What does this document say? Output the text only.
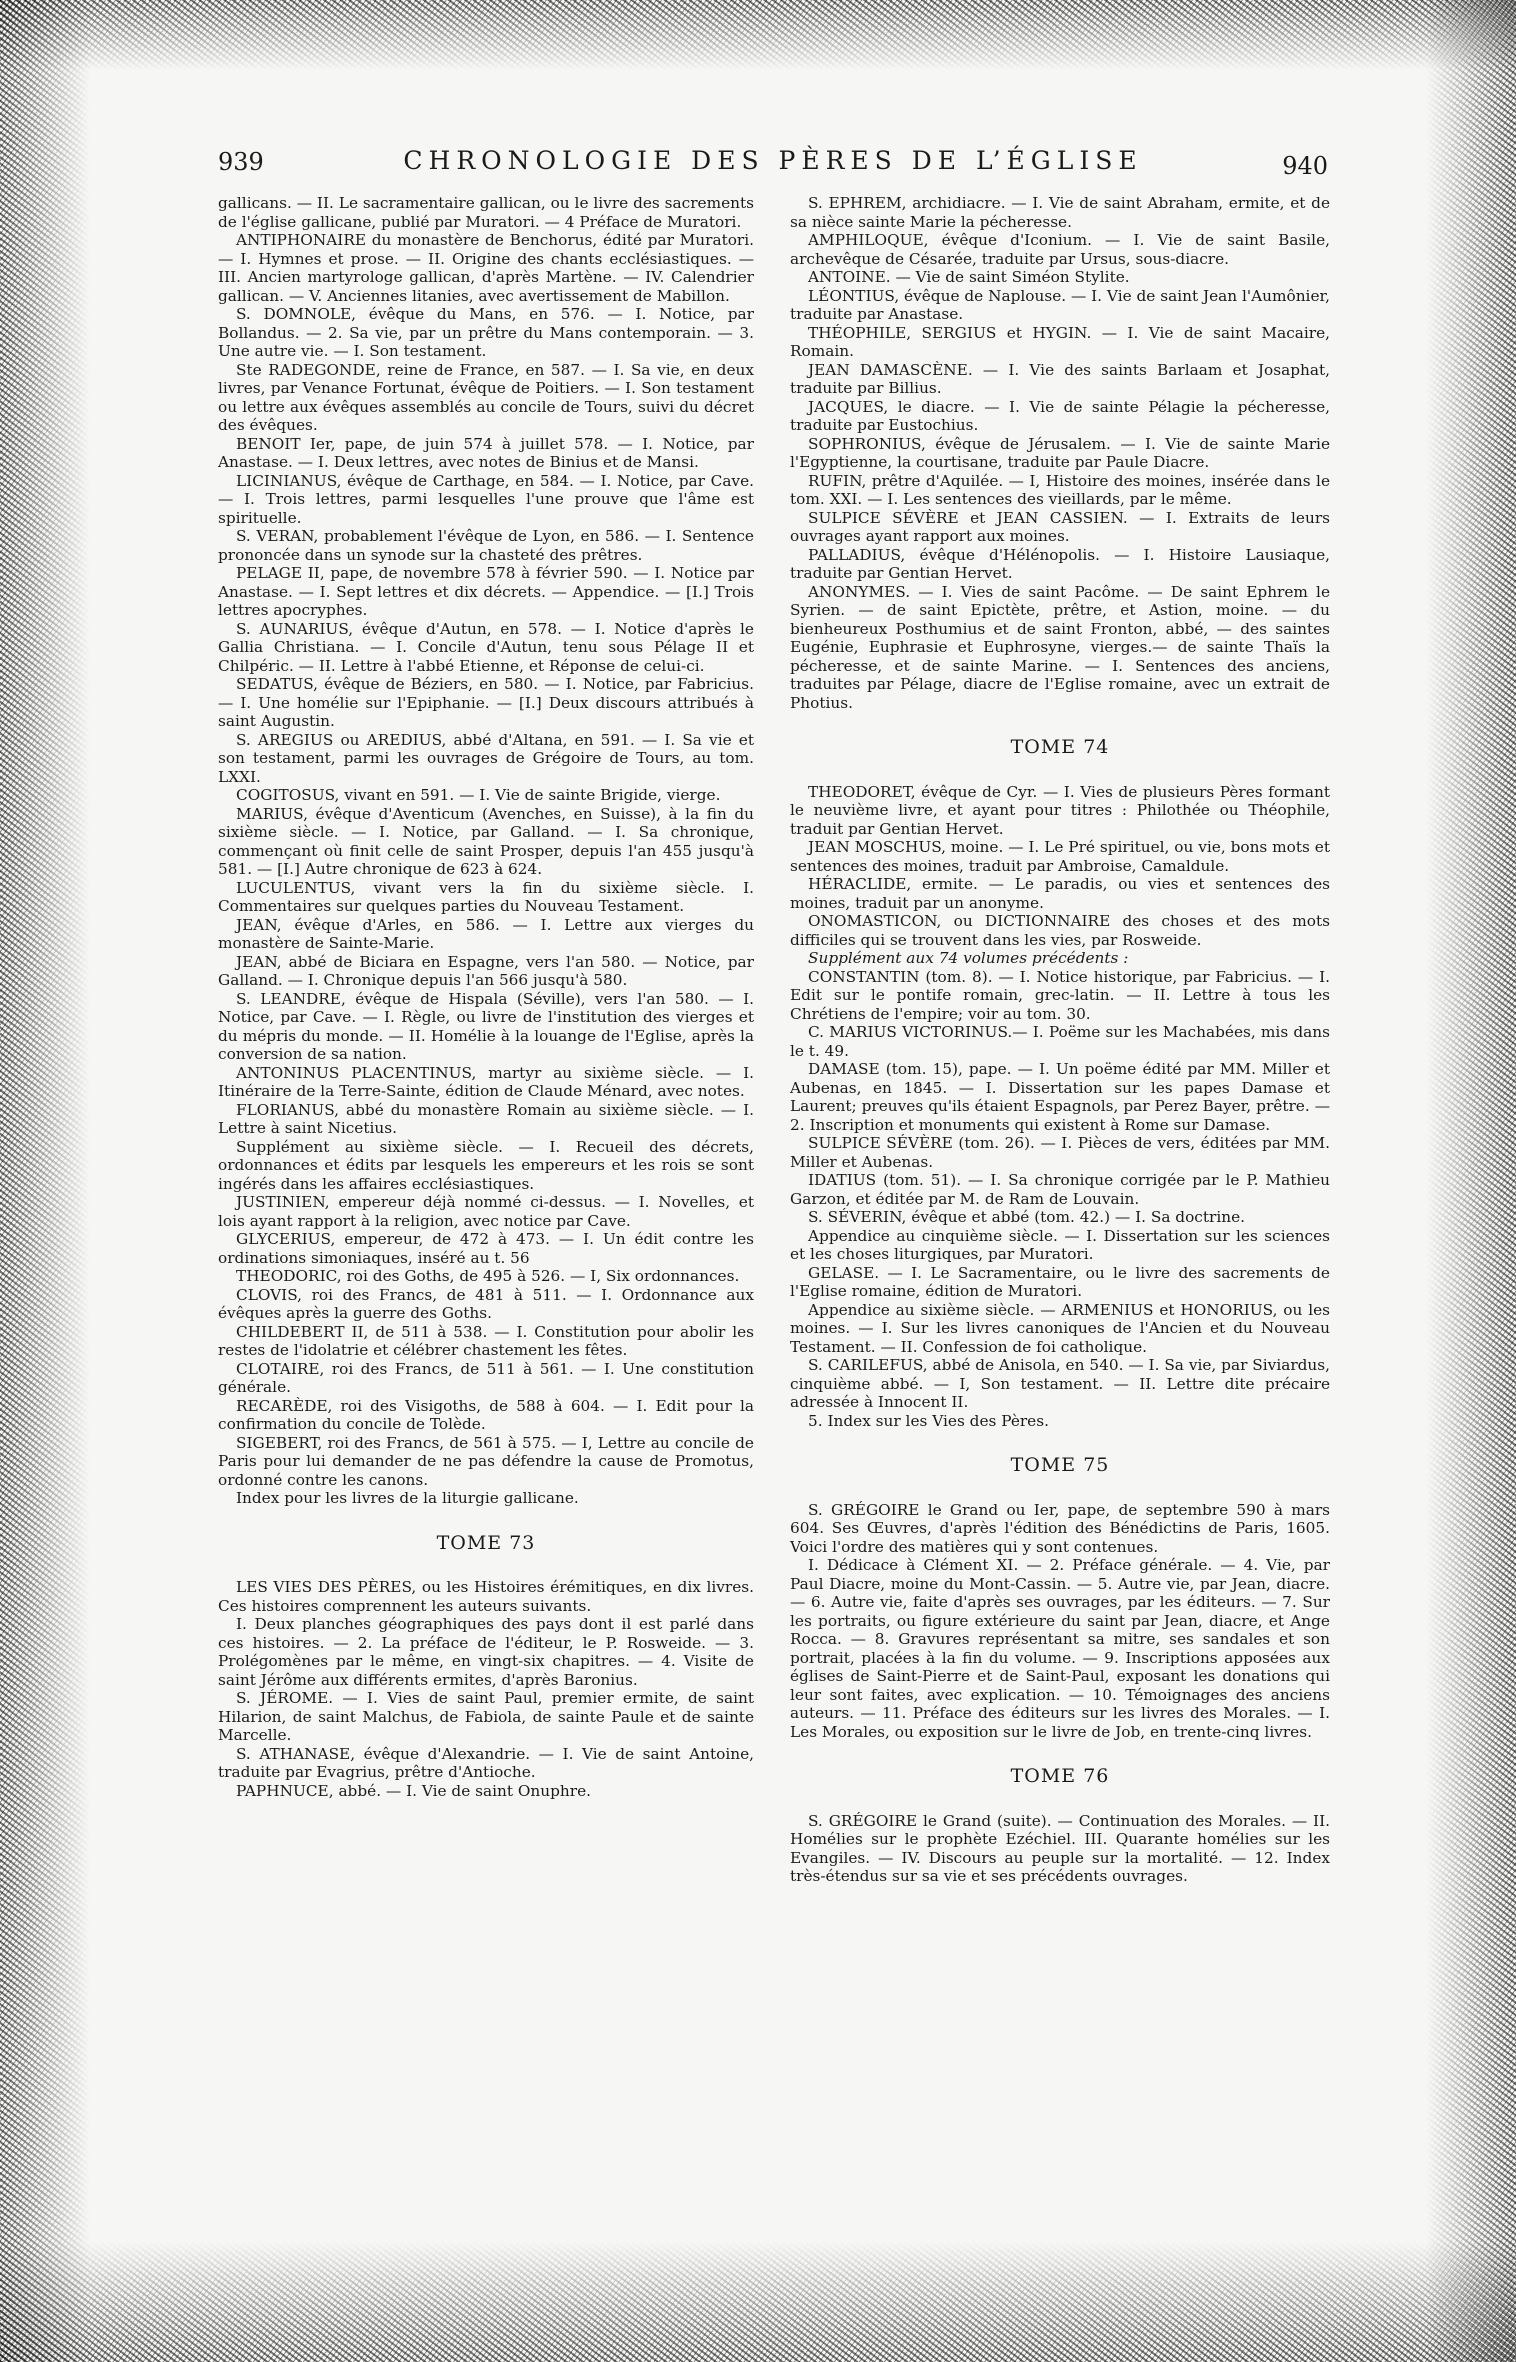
939	CHRONOLOGIE DES PÈRES DE L’ÉGLISE	940

gallicans. — II. Le sacramentaire gallican, ou le livre des sacrements de l'église gallicane, publié par Muratori. — 4 Préface de Muratori.

ANTIPHONAIRE du monastère de Benchorus, édité par Muratori. — I. Hymnes et prose. — II. Origine des chants ecclésiastiques. — III. Ancien martyrologe gallican, d'après Martène. — IV. Calendrier gallican. — V. Anciennes litanies, avec avertissement de Mabillon.

S. DOMNOLE, évêque du Mans, en 576. — I. Notice, par Bollandus. — 2. Sa vie, par un prêtre du Mans contemporain. — 3. Une autre vie. — I. Son testament.

Ste RADEGONDE, reine de France, en 587. — I. Sa vie, en deux livres, par Venance Fortunat, évêque de Poitiers. — I. Son testament ou lettre aux évêques assemblés au concile de Tours, suivi du décret des évêques.

BENOIT Ier, pape, de juin 574 à juillet 578. — I. Notice, par Anastase. — I. Deux lettres, avec notes de Binius et de Mansi.

LICINIANUS, évêque de Carthage, en 584. — I. Notice, par Cave. — I. Trois lettres, parmi lesquelles l'une prouve que l'âme est spirituelle.

S. VERAN, probablement l'évêque de Lyon, en 586. — I. Sentence prononcée dans un synode sur la chasteté des prêtres.

PELAGE II, pape, de novembre 578 à février 590. — I. Notice par Anastase. — I. Sept lettres et dix décrets. — Appendice. — [I.] Trois lettres apocryphes.

S. AUNARIUS, évêque d'Autun, en 578. — I. Notice d'après le Gallia Christiana. — I. Concile d'Autun, tenu sous Pélage II et Chilpéric. — II. Lettre à l'abbé Etienne, et Réponse de celui-ci.

SEDATUS, évêque de Béziers, en 580. — I. Notice, par Fabricius. — I. Une homélie sur l'Epiphanie. — [I.] Deux discours attribués à saint Augustin.

S. AREGIUS ou AREDIUS, abbé d'Altana, en 591. — I. Sa vie et son testament, parmi les ouvrages de Grégoire de Tours, au tom. LXXI.

COGITOSUS, vivant en 591. — I. Vie de sainte Brigide, vierge.

MARIUS, évêque d'Aventicum (Avenches, en Suisse), à la fin du sixième siècle. — I. Notice, par Galland. — I. Sa chronique, commençant où finit celle de saint Prosper, depuis l'an 455 jusqu'à 581. — [I.] Autre chronique de 623 à 624.

LUCULENTUS, vivant vers la fin du sixième siècle. I. Commentaires sur quelques parties du Nouveau Testament.

JEAN, évêque d'Arles, en 586. — I. Lettre aux vierges du monastère de Sainte-Marie.

JEAN, abbé de Biciara en Espagne, vers l'an 580. — Notice, par Galland. — I. Chronique depuis l'an 566 jusqu'à 580.

S. LEANDRE, évêque de Hispala (Séville), vers l'an 580. — I. Notice, par Cave. — I. Règle, ou livre de l'institution des vierges et du mépris du monde. — II. Homélie à la louange de l'Eglise, après la conversion de sa nation.

ANTONINUS PLACENTINUS, martyr au sixième siècle. — I. Itinéraire de la Terre-Sainte, édition de Claude Ménard, avec notes.

FLORIANUS, abbé du monastère Romain au sixième siècle. — I. Lettre à saint Nicetius.

Supplément au sixième siècle. — I. Recueil des décrets, ordonnances et édits par lesquels les empereurs et les rois se sont ingérés dans les affaires ecclésiastiques.

JUSTINIEN, empereur déjà nommé ci-dessus. — I. Novelles, et lois ayant rapport à la religion, avec notice par Cave.

GLYCERIUS, empereur, de 472 à 473. — I. Un édit contre les ordinations simoniaques, inséré au t. 56

THEODORIC, roi des Goths, de 495 à 526. — I, Six ordonnances.

CLOVIS, roi des Francs, de 481 à 511. — I. Ordonnance aux évêques après la guerre des Goths.

CHILDEBERT II, de 511 à 538. — I. Constitution pour abolir les restes de l'idolatrie et célébrer chastement les fêtes.

CLOTAIRE, roi des Francs, de 511 à 561. — I. Une constitution générale.

RECARÈDE, roi des Visigoths, de 588 à 604. — I. Edit pour la confirmation du concile de Tolède.

SIGEBERT, roi des Francs, de 561 à 575. — I, Lettre au concile de Paris pour lui demander de ne pas défendre la cause de Promotus, ordonné contre les canons.

Index pour les livres de la liturgie gallicane.

TOME 73

LES VIES DES PÈRES, ou les Histoires érémitiques, en dix livres. Ces histoires comprennent les auteurs suivants.

I. Deux planches géographiques des pays dont il est parlé dans ces histoires. — 2. La préface de l'éditeur, le P. Rosweide. — 3. Prolégomènes par le même, en vingt-six chapitres. — 4. Visite de saint Jérôme aux différents ermites, d'après Baronius.

S. JÉROME. — I. Vies de saint Paul, premier ermite, de saint Hilarion, de saint Malchus, de Fabiola, de sainte Paule et de sainte Marcelle.

S. ATHANASE, évêque d'Alexandrie. — I. Vie de saint Antoine, traduite par Evagrius, prêtre d'Antioche.

PAPHNUCE, abbé. — I. Vie de saint Onuphre.

S. EPHREM, archidiacre. — I. Vie de saint Abraham, ermite, et de sa nièce sainte Marie la pécheresse.

AMPHILOQUE, évêque d'Iconium. — I. Vie de saint Basile, archevêque de Césarée, traduite par Ursus, sous-diacre.

ANTOINE. — Vie de saint Siméon Stylite.

LÉONTIUS, évêque de Naplouse. — I. Vie de saint Jean l'Aumônier, traduite par Anastase.

THÉOPHILE, SERGIUS et HYGIN. — I. Vie de saint Macaire, Romain.

JEAN DAMASCÈNE. — I. Vie des saints Barlaam et Josaphat, traduite par Billius.

JACQUES, le diacre. — I. Vie de sainte Pélagie la pécheresse, traduite par Eustochius.

SOPHRONIUS, évêque de Jérusalem. — I. Vie de sainte Marie l'Egyptienne, la courtisane, traduite par Paule Diacre.

RUFIN, prêtre d'Aquilée. — I, Histoire des moines, insérée dans le tom. XXI. — I. Les sentences des vieillards, par le même.

SULPICE SÉVÈRE et JEAN CASSIEN. — I. Extraits de leurs ouvrages ayant rapport aux moines.

PALLADIUS, évêque d'Hélénopolis. — I. Histoire Lausiaque, traduite par Gentian Hervet.

ANONYMES. — I. Vies de saint Pacôme. — De saint Ephrem le Syrien. — de saint Epictète, prêtre, et Astion, moine. — du bienheureux Posthumius et de saint Fronton, abbé, — des saintes Eugénie, Euphrasie et Euphrosyne, vierges.— de sainte Thaïs la pécheresse, et de sainte Marine. — I. Sentences des anciens, traduites par Pélage, diacre de l'Eglise romaine, avec un extrait de Photius.

TOME 74

THEODORET, évêque de Cyr. — I. Vies de plusieurs Pères formant le neuvième livre, et ayant pour titres : Philothée ou Théophile, traduit par Gentian Hervet.

JEAN MOSCHUS, moine. — I. Le Pré spirituel, ou vie, bons mots et sentences des moines, traduit par Ambroise, Camaldule.

HÉRACLIDE, ermite. — Le paradis, ou vies et sentences des moines, traduit par un anonyme.

ONOMASTICON, ou DICTIONNAIRE des choses et des mots difficiles qui se trouvent dans les vies, par Rosweide.

Supplément aux 74 volumes précédents :

CONSTANTIN (tom. 8). — I. Notice historique, par Fabricius. — I. Edit sur le pontife romain, grec-latin. — II. Lettre à tous les Chrétiens de l'empire; voir au tom. 30.

C. MARIUS VICTORINUS.— I. Poëme sur les Machabées, mis dans le t. 49.

DAMASE (tom. 15), pape. — I. Un poëme édité par MM. Miller et Aubenas, en 1845. — I. Dissertation sur les papes Damase et Laurent; preuves qu'ils étaient Espagnols, par Perez Bayer, prêtre. — 2. Inscription et monuments qui existent à Rome sur Damase.

SULPICE SÉVÈRE (tom. 26). — I. Pièces de vers, éditées par MM. Miller et Aubenas.

IDATIUS (tom. 51). — I. Sa chronique corrigée par le P. Mathieu Garzon, et éditée par M. de Ram de Louvain.

S. SÉVERIN, évêque et abbé (tom. 42.) — I. Sa doctrine.

Appendice au cinquième siècle. — I. Dissertation sur les sciences et les choses liturgiques, par Muratori.

GELASE. — I. Le Sacramentaire, ou le livre des sacrements de l'Eglise romaine, édition de Muratori.

Appendice au sixième siècle. — ARMENIUS et HONORIUS, ou les moines. — I. Sur les livres canoniques de l'Ancien et du Nouveau Testament. — II. Confession de foi catholique.

S. CARILEFUS, abbé de Anisola, en 540. — I. Sa vie, par Siviardus, cinquième abbé. — I, Son testament. — II. Lettre dite précaire adressée à Innocent II.

5. Index sur les Vies des Pères.

TOME 75

S. GRÉGOIRE le Grand ou Ier, pape, de septembre 590 à mars 604. Ses Œuvres, d'après l'édition des Bénédictins de Paris, 1605. Voici l'ordre des matières qui y sont contenues.

I. Dédicace à Clément XI. — 2. Préface générale. — 4. Vie, par Paul Diacre, moine du Mont-Cassin. — 5. Autre vie, par Jean, diacre. — 6. Autre vie, faite d'après ses ouvrages, par les éditeurs. — 7. Sur les portraits, ou figure extérieure du saint par Jean, diacre, et Ange Rocca. — 8. Gravures représentant sa mitre, ses sandales et son portrait, placées à la fin du volume. — 9. Inscriptions apposées aux églises de Saint-Pierre et de Saint-Paul, exposant les donations qui leur sont faites, avec explication. — 10. Témoignages des anciens auteurs. — 11. Préface des éditeurs sur les livres des Morales. — I. Les Morales, ou exposition sur le livre de Job, en trente-cinq livres.

TOME 76

S. GRÉGOIRE le Grand (suite). — Continuation des Morales. — II. Homélies sur le prophète Ezéchiel. III. Quarante homélies sur les Evangiles. — IV. Discours au peuple sur la mortalité. — 12. Index très-étendus sur sa vie et ses précédents ouvrages.
